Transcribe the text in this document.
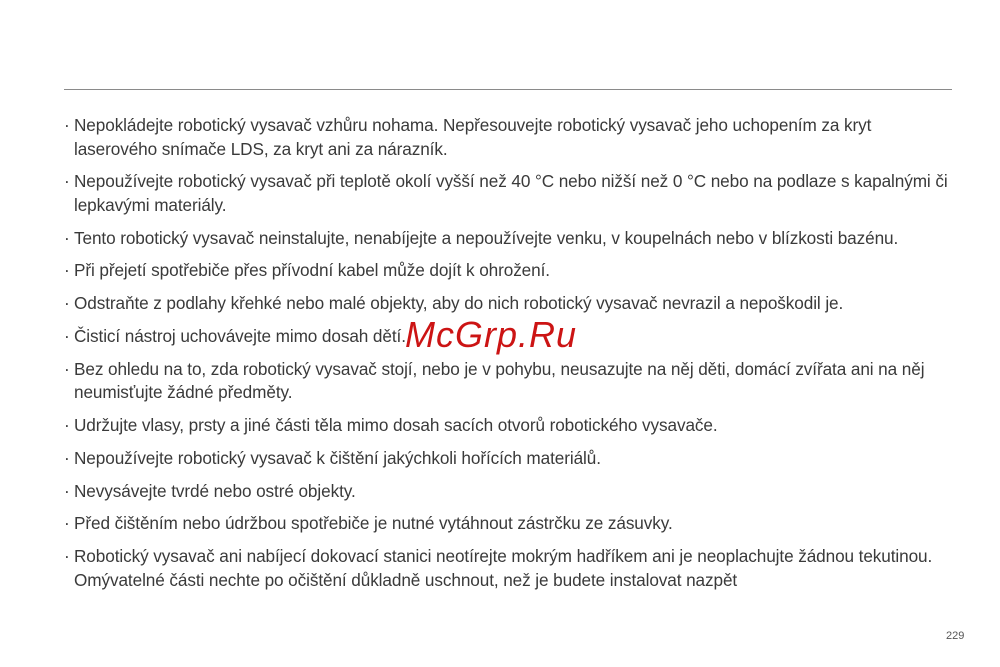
· Nepokládejte robotický vysavač vzhůru nohama. Nepřesouvejte robotický vysavač jeho uchopením za kryt laserového snímače LDS, za kryt ani za nárazník.
· Nepoužívejte robotický vysavač při teplotě okolí vyšší než 40 °C nebo nižší než 0 °C nebo na podlaze s kapalnými či lepkavými materiály.
· Tento robotický vysavač neinstalujte, nenabíjejte a nepoužívejte venku, v koupelnách nebo v blízkosti bazénu.
· Při přejetí spotřebiče přes přívodní kabel může dojít k ohrožení.
· Odstraňte z podlahy křehké nebo malé objekty, aby do nich robotický vysavač nevrazil a nepoškodil je.
· Čisticí nástroj uchovávejte mimo dosah dětí.
· Bez ohledu na to, zda robotický vysavač stojí, nebo je v pohybu, neusazujte na něj děti, domácí zvířata ani na něj neumisťujte žádné předměty.
· Udržujte vlasy, prsty a jiné části těla mimo dosah sacích otvorů robotického vysavače.
· Nepoužívejte robotický vysavač k čištění jakýchkoli hořících materiálů.
· Nevysávejte tvrdé nebo ostré objekty.
· Před čištěním nebo údržbou spotřebiče je nutné vytáhnout zástrčku ze zásuvky.
· Robotický vysavač ani nabíjecí dokovací stanici neotírejte mokrým hadříkem ani je neoplachujte žádnou tekutinou. Omývatelné části nechte po očištění důkladně uschnout, než je budete instalovat nazpět
McGrp.Ru
229
